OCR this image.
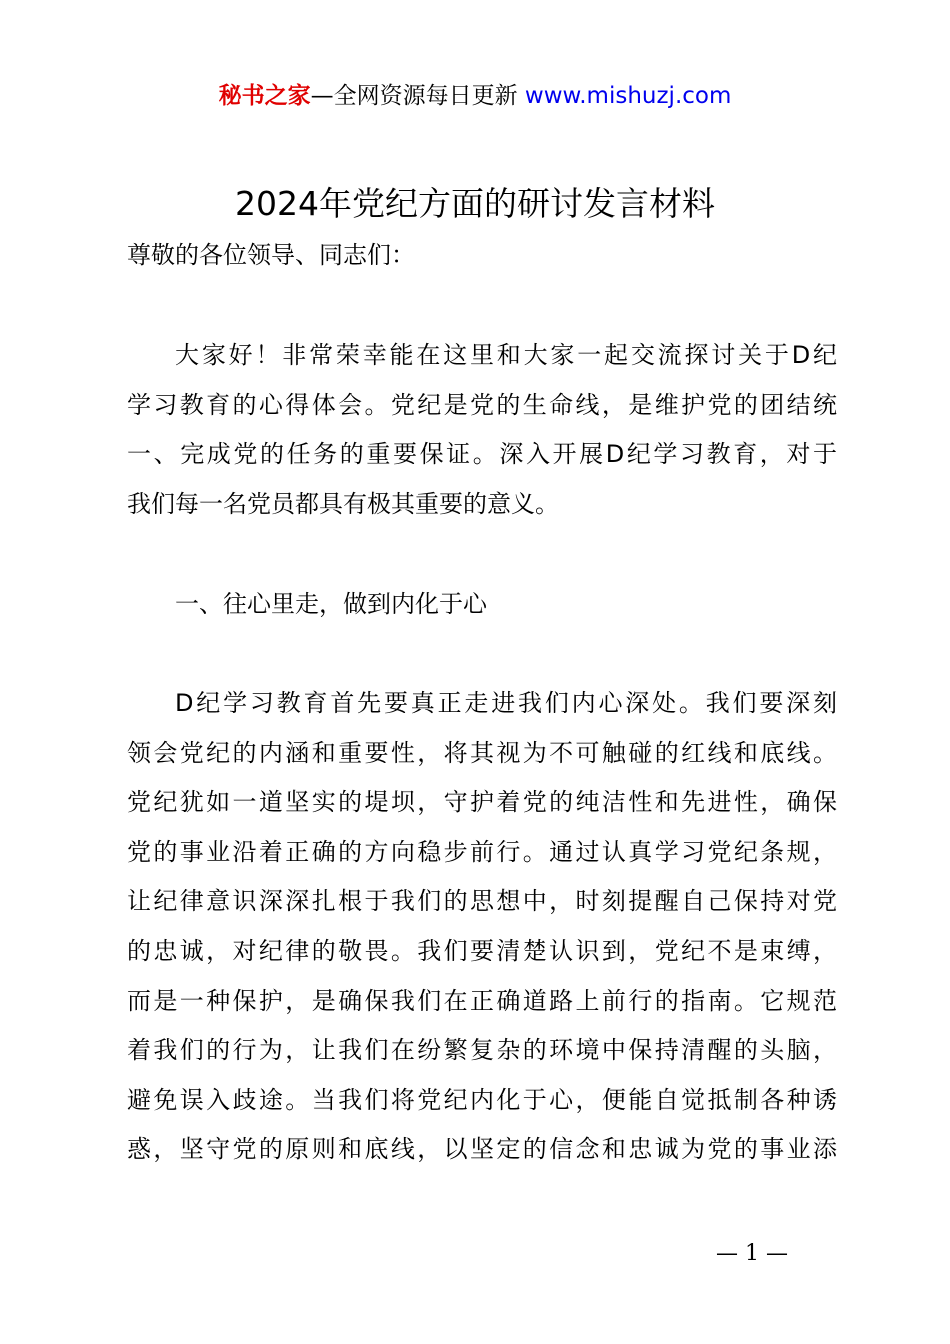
秘书之家—全网资源每日更新 www.mishuzj.com
2024年党纪方面的研讨发言材料
尊敬的各位领导、同志们：
大家好！非常荣幸能在这里和大家一起交流探讨关于D纪
学习教育的心得体会。党纪是党的生命线，是维护党的团结统
一、完成党的任务的重要保证。深入开展D纪学习教育，对于
我们每一名党员都具有极其重要的意义。
一、往心里走，做到内化于心
D纪学习教育首先要真正走进我们内心深处。我们要深刻
领会党纪的内涵和重要性，将其视为不可触碰的红线和底线。
党纪犹如一道坚实的堤坝，守护着党的纯洁性和先进性，确保
党的事业沿着正确的方向稳步前行。通过认真学习党纪条规，
让纪律意识深深扎根于我们的思想中，时刻提醒自己保持对党
的忠诚，对纪律的敬畏。我们要清楚认识到，党纪不是束缚，
而是一种保护，是确保我们在正确道路上前行的指南。它规范
着我们的行为，让我们在纷繁复杂的环境中保持清醒的头脑，
避免误入歧途。当我们将党纪内化于心，便能自觉抵制各种诱
惑，坚守党的原则和底线，以坚定的信念和忠诚为党的事业添
— 1 —
